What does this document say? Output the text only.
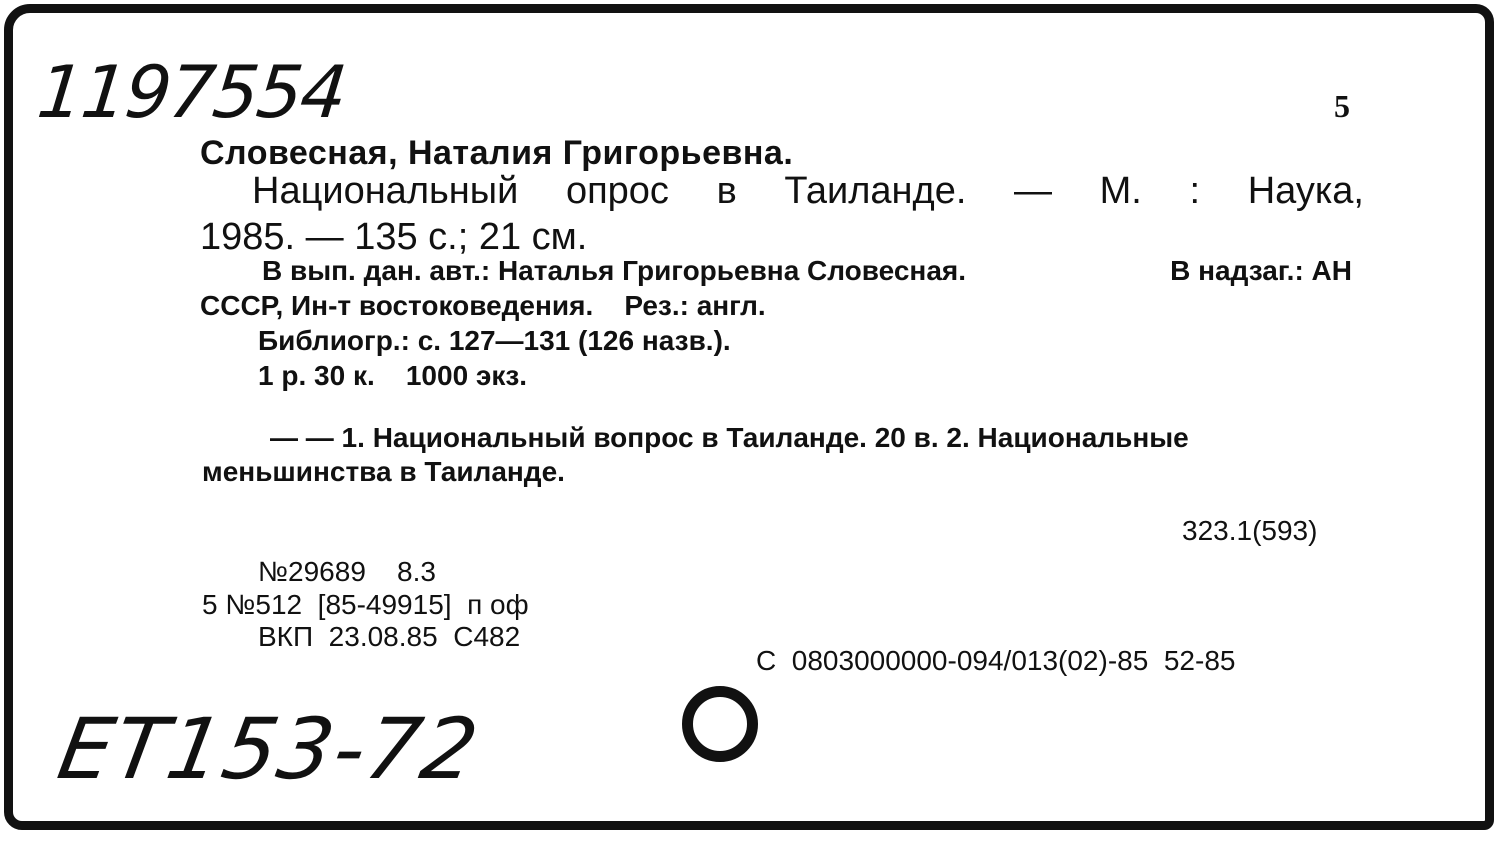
1197554	5
Словесная, Наталия Григорьевна.
Национальный опрос в Таиланде. — М. : Наука,
1985. — 135 с.; 21 см.
В вып. дан. авт.: Наталья Григорьевна Словесная.	В надзаг.: АН
СССР, Ин-т востоковедения.    Рез.: англ.
Библиогр.: с. 127—131 (126 назв.).
1 р. 30 к.    1000 экз.
— — 1. Национальный вопрос в Таиланде. 20 в. 2. Национальные
меньшинства в Таиланде.
323.1(593)
№29689    8.3
5 №512  [85-49915]  п оф
ВКП  23.08.85  С482
С  0803000000-094/013(02)-85  52-85
ЕТ153-72
